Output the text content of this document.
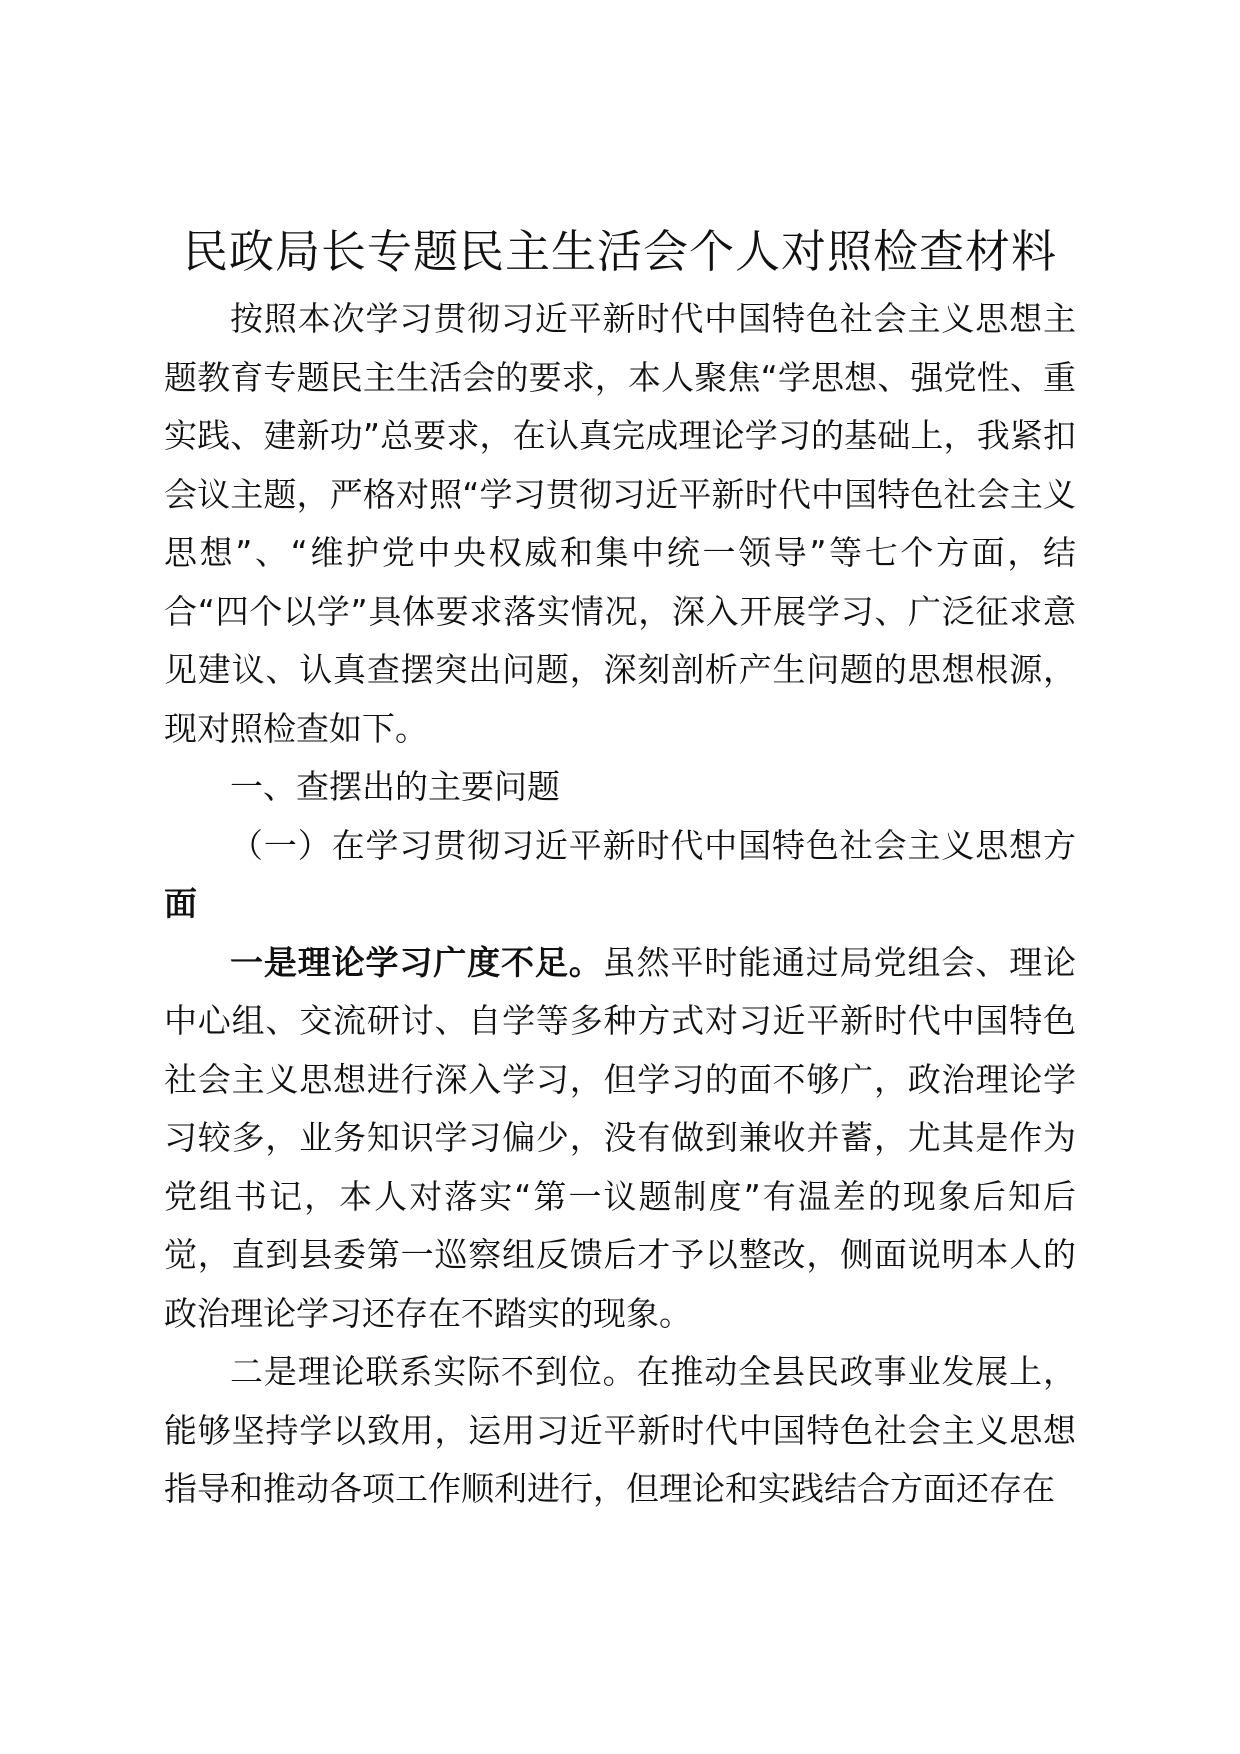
民政局长专题民主生活会个人对照检查材料

按照本次学习贯彻习近平新时代中国特色社会主义思想主题教育专题民主生活会的要求，本人聚焦“学思想、强党性、重实践、建新功”总要求，在认真完成理论学习的基础上，我紧扣会议主题，严格对照“学习贯彻习近平新时代中国特色社会主义思想”、“维护党中央权威和集中统一领导”等七个方面，结合“四个以学”具体要求落实情况，深入开展学习、广泛征求意见建议、认真查摆突出问题，深刻剖析产生问题的思想根源，现对照检查如下。

一、查摆出的主要问题

（一）在学习贯彻习近平新时代中国特色社会主义思想方面

一是理论学习广度不足。虽然平时能通过局党组会、理论中心组、交流研讨、自学等多种方式对习近平新时代中国特色社会主义思想进行深入学习，但学习的面不够广，政治理论学习较多，业务知识学习偏少，没有做到兼收并蓄，尤其是作为党组书记，本人对落实“第一议题制度”有温差的现象后知后觉，直到县委第一巡察组反馈后才予以整改，侧面说明本人的政治理论学习还存在不踏实的现象。

二是理论联系实际不到位。在推动全县民政事业发展上，能够坚持学以致用，运用习近平新时代中国特色社会主义思想指导和推动各项工作顺利进行，但理论和实践结合方面还存在
